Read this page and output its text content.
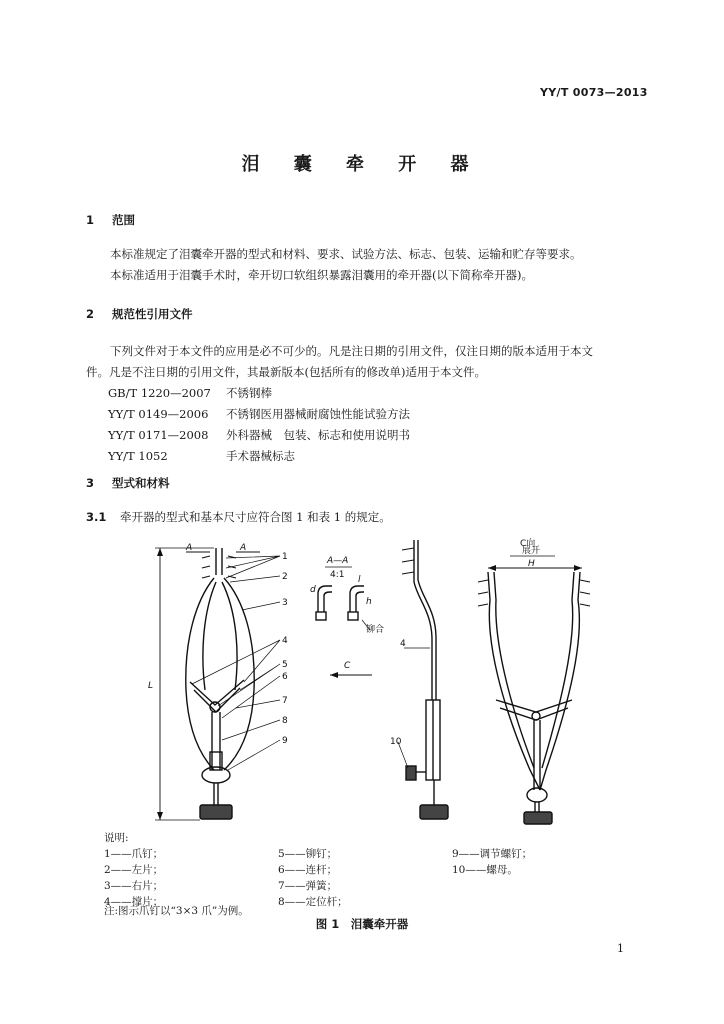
YY/T 0073—2013
泪 囊 牵 开 器
1 范围
本标准规定了泪囊牵开器的型式和材料、要求、试验方法、标志、包装、运输和贮存等要求。
本标准适用于泪囊手术时，牵开切口软组织暴露泪囊用的牵开器(以下简称牵开器)。
2 规范性引用文件
下列文件对于本文件的应用是必不可少的。凡是注日期的引用文件，仅注日期的版本适用于本文
件。凡是不注日期的引用文件，其最新版本(包括所有的修改单)适用于本文件。
GB/T 1220—2007 不锈钢棒
YY/T 0149—2006 不锈钢医用器械耐腐蚀性能试验方法
YY/T 0171—2008 外科器械　包装、标志和使用说明书
YY/T 1052	手术器械标志
3 型式和材料
3.1 牵开器的型式和基本尺寸应符合图 1 和表 1 的规定。
A	A
L
1
2
3
4
5
6
7
8
9
A—A
4:1
d
h
l
铆合
C
4
10
C向
展开
H
说明:
1——爪钉；
2——左片；
3——右片；
4——撑片；
5——铆钉；
6——连杆；
7——弹簧；
8——定位杆；
9——调节螺钉；
10——螺母。
注:图示爪钉以“3×3 爪”为例。
图 1　泪囊牵开器
1
